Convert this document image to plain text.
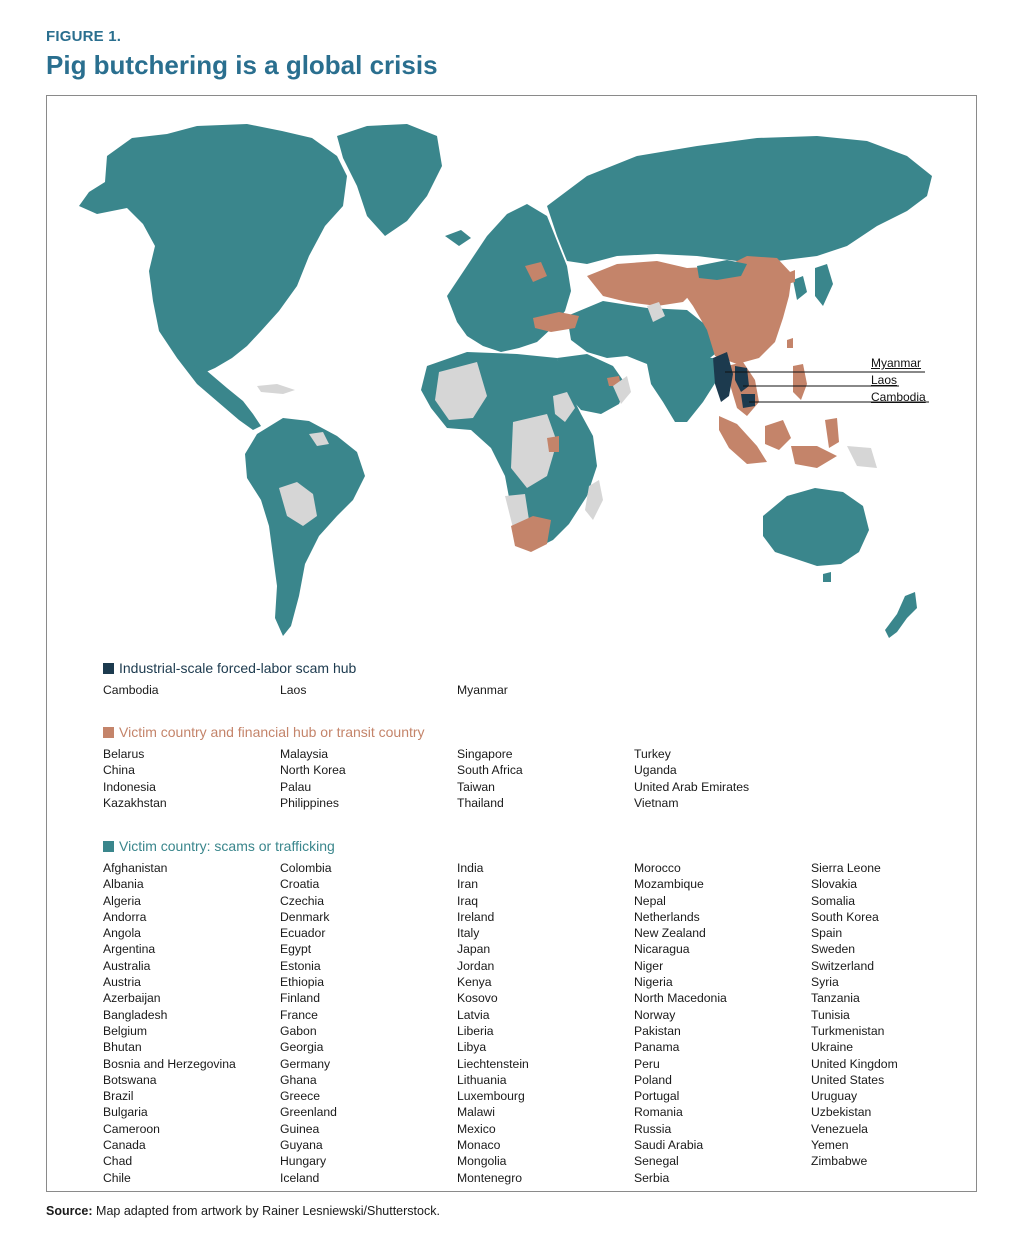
FIGURE 1.
Pig butchering is a global crisis
Myanmar
Laos
Cambodia
Industrial-scale forced-labor scam hub
Cambodia	Laos	Myanmar
Victim country and financial hub or transit country
Belarus	Malaysia	Singapore	Turkey
China	North Korea	South Africa	Uganda
Indonesia	Palau	Taiwan	United Arab Emirates
Kazakhstan	Philippines	Thailand	Vietnam
Victim country: scams or trafficking
Afghanistan	Colombia	India	Morocco	Sierra Leone
Albania	Croatia	Iran	Mozambique	Slovakia
Algeria	Czechia	Iraq	Nepal	Somalia
Andorra	Denmark	Ireland	Netherlands	South Korea
Angola	Ecuador	Italy	New Zealand	Spain
Argentina	Egypt	Japan	Nicaragua	Sweden
Australia	Estonia	Jordan	Niger	Switzerland
Austria	Ethiopia	Kenya	Nigeria	Syria
Azerbaijan	Finland	Kosovo	North Macedonia	Tanzania
Bangladesh	France	Latvia	Norway	Tunisia
Belgium	Gabon	Liberia	Pakistan	Turkmenistan
Bhutan	Georgia	Libya	Panama	Ukraine
Bosnia and Herzegovina	Germany	Liechtenstein	Peru	United Kingdom
Botswana	Ghana	Lithuania	Poland	United States
Brazil	Greece	Luxembourg	Portugal	Uruguay
Bulgaria	Greenland	Malawi	Romania	Uzbekistan
Cameroon	Guinea	Mexico	Russia	Venezuela
Canada	Guyana	Monaco	Saudi Arabia	Yemen
Chad	Hungary	Mongolia	Senegal	Zimbabwe
Chile	Iceland	Montenegro	Serbia
Source: Map adapted from artwork by Rainer Lesniewski/Shutterstock.
